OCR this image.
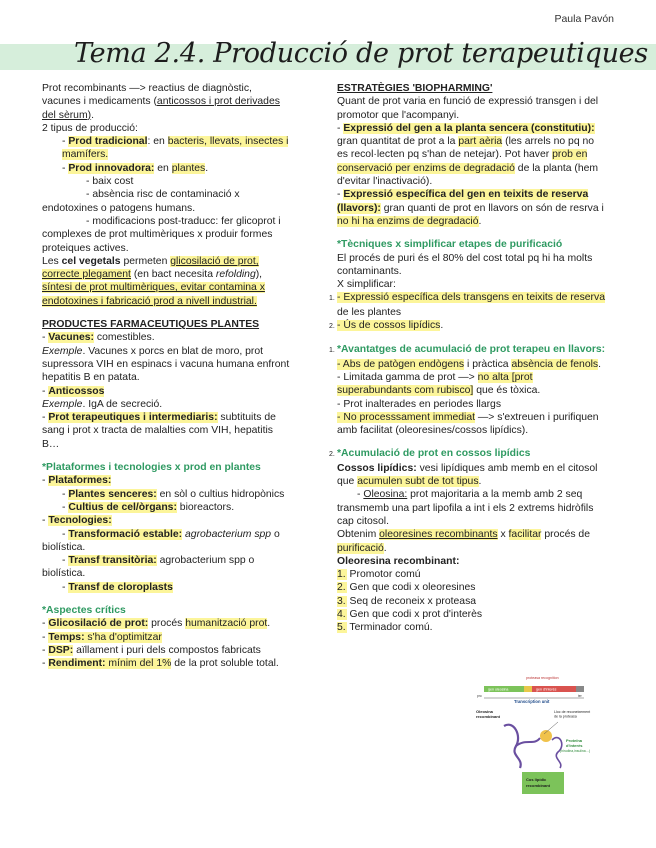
Paula Pavón
Tema 2.4. Producció de prot terapeutiques

Prot recombinants —> reactius de diagnòstic,

vacunes i medicaments (anticossos i prot derivades

del sèrum).

2 tipus de producció:

- Prod tradicional: en bacteris, llevats, insectes i mamífers.

- Prod innovadora: en plantes.

- baix cost

- absència risc de contaminació x

endotoxines o patogens humans.

- modificacions post-traducc: fer glicoprot i

complexes de prot multimèriques x produir formes

proteiques actives.

Les cel vegetals permeten glicosilació de prot,

correcte plegament (en bact necesita refolding),

síntesi de prot multimèriques, evitar contamina x

endotoxines i fabricació prod a nivell industrial.

PRODUCTES FARMACEUTIQUES PLANTES

- Vacunes: comestibles.

Exemple. Vacunes x porcs en blat de moro, prot

supressora VIH en espinacs i vacuna humana enfront

hepatitis B en patata.

- Anticossos

Exemple. IgA de secreció.

- Prot terapeutiques i intermediaris: subtituits de

sang i prot x tracta de malalties com VIH, hepatitis

B…

*Plataformes i tecnologies x prod en plantes

- Plataformes:

- Plantes senceres: en sòl o cultius hidropònics

- Cultius de cel/òrgans: bioreactors.

- Tecnologies:

- Transformació estable: agrobacterium spp o

biolística.

- Transf transitòria: agrobacterium spp o

biolística.

- Transf de cloroplasts

*Aspectes crítics

- Glicosilació de prot: procés humanització prot.

- Temps: s'ha d'optimitzar

- DSP: aïllament i puri dels compostos fabricats

- Rendiment: mínim del 1% de la prot soluble total.

ESTRATÈGIES 'BIOPHARMING'

Quant de prot varia en funció de expressió transgen i del

promotor que l'acompanyi.

- Expressió del gen a la planta sencera (constitutiu):

gran quantitat de prot a la part aèria (les arrels no pq no

es recol·lecten pq s'han de netejar). Pot haver prob en

conservació per enzims de degradació de la planta (hem

d'evitar l'inactivació).

- Expressió específica del gen en teixits de reserva

(llavors): gran quanti de prot en llavors on són de resrva i

no hi ha enzims de degradació.

*Tècniques x simplificar etapes de purificació

El procés de puri és el 80% del cost total pq hi ha molts

contaminants.

X simplificar:

1. - Expressió específica dels transgens en teixits de reserva

de les plantes

2. - Ús de cossos lipídics.

1. *Avantatges de acumulació de prot terapeu en llavors:

- Abs de patògen endògens i pràctica absència de fenols.

- Limitada gamma de prot —> no alta [prot

superabundants com rubisco] que és tòxica.

- Prot inalterades en periodes llargs

- No processsament immediat —> s'extreuen i purifiquen

amb facilitat (oleoresines/cossos lipídics).

2. *Acumulació de prot en cossos lipídics

Cossos lipídics: vesi lipídiques amb memb en el citosol

que acumulen subt de tot tipus.

- Oleosina: prot majoritaria a la memb amb 2 seq

transmemb una part lipofila a int i els 2 extrems hidròfils

cap citosol.

Obtenim oleoresines recombinants x facilitar procés de

purificació.

Oleoresina recombinant:

1. Promotor comú

2. Gen que codi x oleoresines

3. Seq de reconeix x proteasa

4. Gen que codi x prot d'interès

5. Terminador comú.

proteasa recognition
gen oleosina	gen d'interès
pro	ter
Transcription unit
Oleosina
recombinant
Lloc de reconeixement
de la proteasa
Proteïna
d'interès
(hirudina,insulina…)
Cos lipídic
recombinant
